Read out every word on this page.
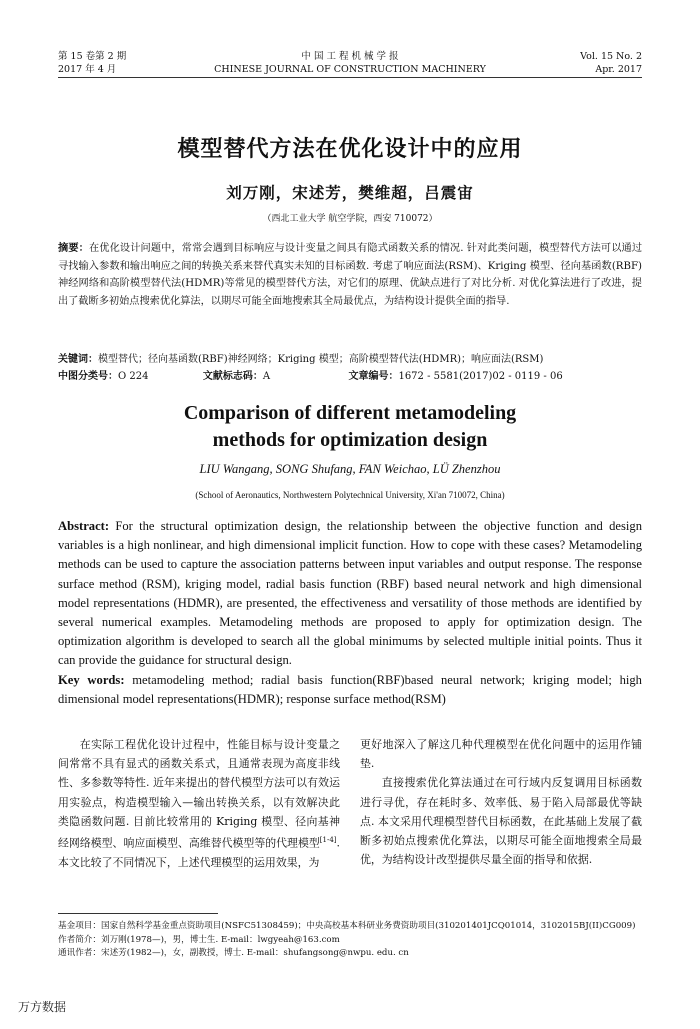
第 15 卷第 2 期
2017 年 4 月
中 国 工 程 机 械 学 报
CHINESE JOURNAL OF CONSTRUCTION MACHINERY
Vol. 15 No. 2
Apr. 2017
模型替代方法在优化设计中的应用
刘万刚，宋述芳，樊维超，吕震宙
（西北工业大学 航空学院，西安 710072）
摘要：在优化设计问题中，常常会遇到目标响应与设计变量之间具有隐式函数关系的情况. 针对此类问题，模型替代方法可以通过寻找输入参数和输出响应之间的转换关系来替代真实未知的目标函数. 考虑了响应面法(RSM)、Kriging 模型、径向基函数(RBF)神经网络和高阶模型替代法(HDMR)等常见的模型替代方法，对它们的原理、优缺点进行了对比分析. 对优化算法进行了改进，提出了截断多初始点搜索优化算法，以期尽可能全面地搜索其全局最优点，为结构设计提供全面的指导.
关键词：模型替代；径向基函数(RBF)神经网络；Kriging 模型；高阶模型替代法(HDMR)；响应面法(RSM)
中图分类号：O 224	文献标志码：A	文章编号：1672 - 5581(2017)02 - 0119 - 06
Comparison of different metamodeling
methods for optimization design
LIU Wangang, SONG Shufang, FAN Weichao, LÜ Zhenzhou
(School of Aeronautics, Northwestern Polytechnical University, Xi'an 710072, China)
Abstract: For the structural optimization design, the relationship between the objective function and design variables is a high nonlinear, and high dimensional implicit function. How to cope with these cases? Metamodeling methods can be used to capture the association patterns between input variables and output response. The response surface method (RSM), kriging model, radial basis function (RBF) based neural network and high dimensional model representations (HDMR), are presented, the effectiveness and versatility of those methods are identified by several numerical examples. Metamodeling methods are proposed to apply for optimization design. The optimization algorithm is developed to search all the global minimums by selected multiple initial points. Thus it can provide the guidance for structural design.
Key words: metamodeling method; radial basis function(RBF)based neural network; kriging model; high dimensional model representations(HDMR); response surface method(RSM)

在实际工程优化设计过程中，性能目标与设计变量之间常常不具有显式的函数关系式，且通常表现为高度非线性、多参数等特性. 近年来提出的替代模型方法可以有效运用实验点，构造模型输入—输出转换关系，以有效解决此类隐函数问题. 目前比较常用的 Kriging 模型、径向基神经网络模型、响应面模型、高维替代模型等的代理模型[1-4]. 本文比较了不同情况下，上述代理模型的运用效果，为

更好地深入了解这几种代理模型在优化问题中的运用作铺垫.

直接搜索优化算法通过在可行域内反复调用目标函数进行寻优，存在耗时多、效率低、易于陷入局部最优等缺点. 本文采用代理模型替代目标函数，在此基础上发展了截断多初始点搜索优化算法，以期尽可能全面地搜索全局最优，为结构设计改型提供尽量全面的指导和依据.

基金项目：国家自然科学基金重点资助项目(NSFC51308459)；中央高校基本科研业务费资助项目(310201401JCQ01014，3102015BJ(II)CG009)
作者简介：刘万刚(1978—)，男，博士生. E-mail：lwgyeah@163.com
通讯作者：宋述芳(1982—)，女，副教授，博士. E-mail：shufangsong@nwpu. edu. cn
万方数据
